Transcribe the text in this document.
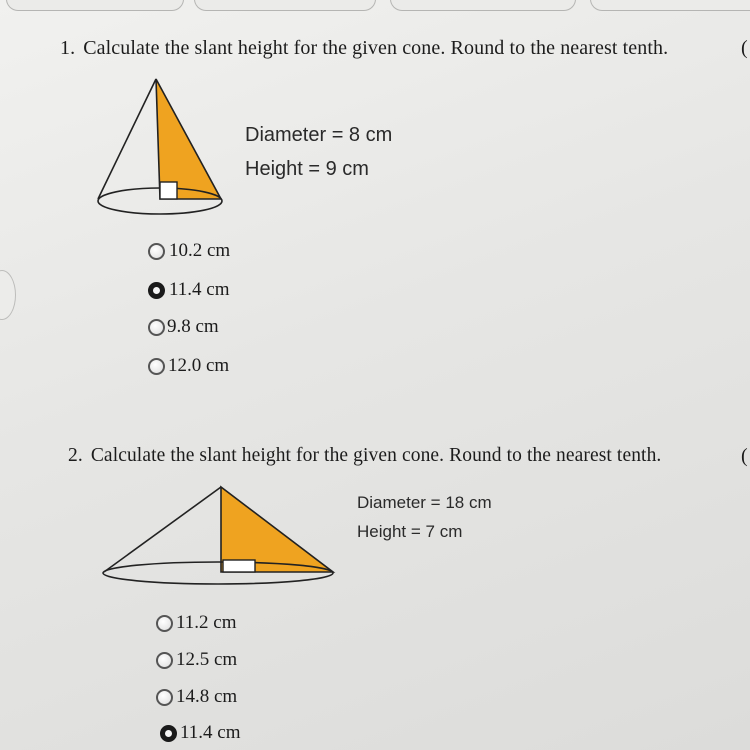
1. Calculate the slant height for the given cone. Round to the nearest tenth.	(
Diameter = 8 cm
Height = 9 cm
10.2 cm
11.4 cm
9.8 cm
12.0 cm
2. Calculate the slant height for the given cone. Round to the nearest tenth.	(
Diameter = 18 cm
Height = 7 cm
11.2 cm
12.5 cm
14.8 cm
11.4 cm
